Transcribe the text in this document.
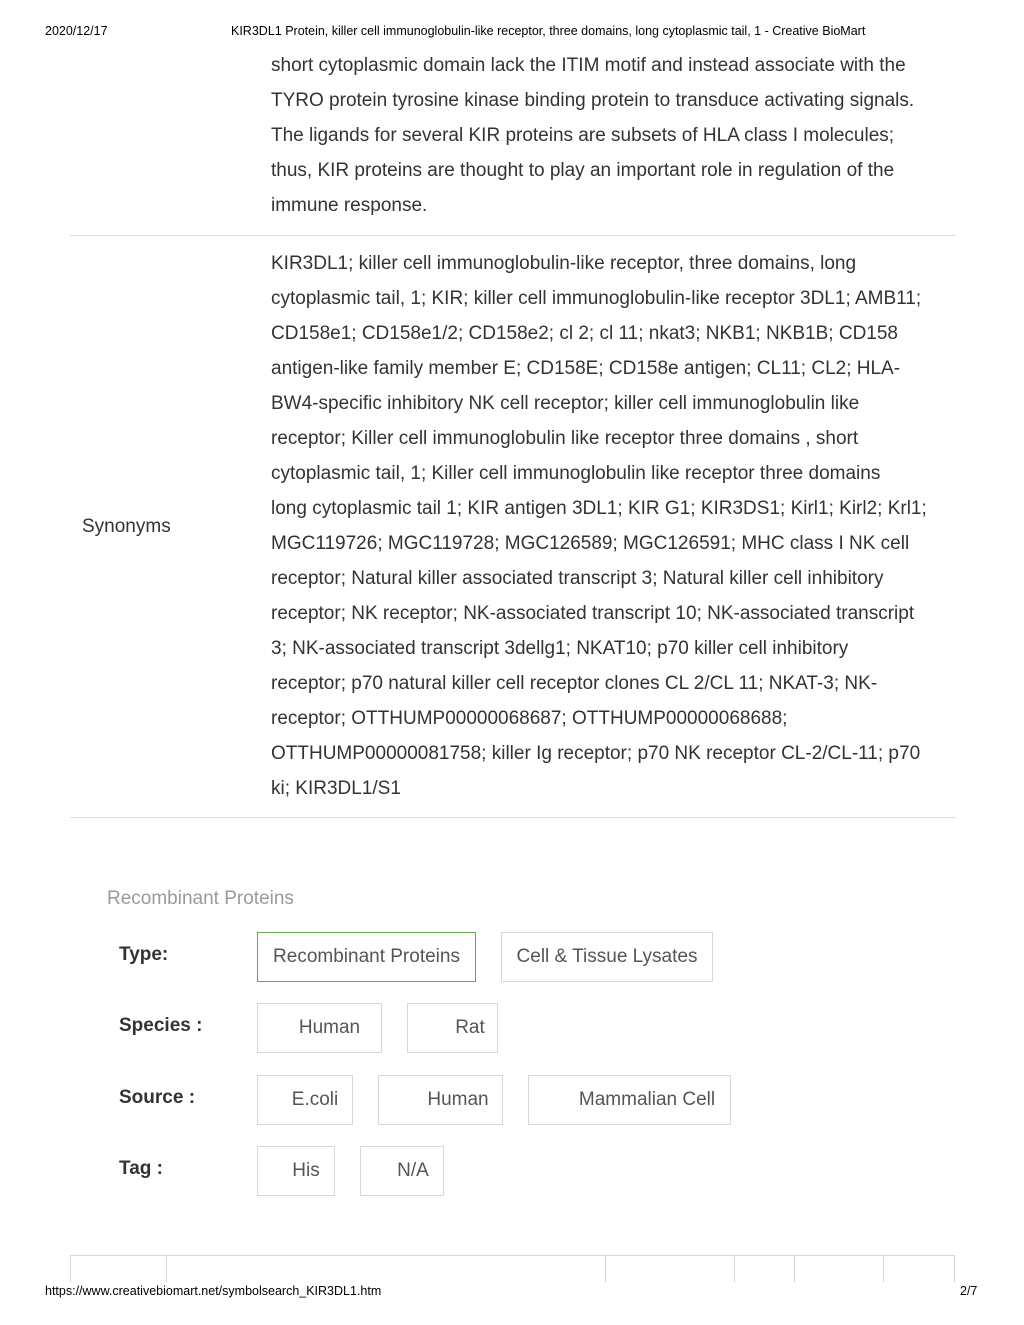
2020/12/17	KIR3DL1 Protein, killer cell immunoglobulin-like receptor, three domains, long cytoplasmic tail, 1 - Creative BioMart
short cytoplasmic domain lack the ITIM motif and instead associate with the
TYRO protein tyrosine kinase binding protein to transduce activating signals.
The ligands for several KIR proteins are subsets of HLA class I molecules;
thus, KIR proteins are thought to play an important role in regulation of the
immune response.
Synonyms
KIR3DL1; killer cell immunoglobulin-like receptor, three domains, long
cytoplasmic tail, 1; KIR; killer cell immunoglobulin-like receptor 3DL1; AMB11;
CD158e1; CD158e1/2; CD158e2; cl 2; cl 11; nkat3; NKB1; NKB1B; CD158
antigen-like family member E; CD158E; CD158e antigen; CL11; CL2; HLA-
BW4-specific inhibitory NK cell receptor; killer cell immunoglobulin like
receptor; Killer cell immunoglobulin like receptor three domains , short
cytoplasmic tail, 1; Killer cell immunoglobulin like receptor three domains
long cytoplasmic tail 1; KIR antigen 3DL1; KIR G1; KIR3DS1; Kirl1; Kirl2; Krl1;
MGC119726; MGC119728; MGC126589; MGC126591; MHC class I NK cell
receptor; Natural killer associated transcript 3; Natural killer cell inhibitory
receptor; NK receptor; NK-associated transcript 10; NK-associated transcript
3; NK-associated transcript 3dellg1; NKAT10; p70 killer cell inhibitory
receptor; p70 natural killer cell receptor clones CL 2/CL 11; NKAT-3; NK-
receptor; OTTHUMP00000068687; OTTHUMP00000068688;
OTTHUMP00000081758; killer Ig receptor; p70 NK receptor CL-2/CL-11; p70
ki; KIR3DL1/S1
Recombinant Proteins
Type:	Recombinant Proteins	Cell & Tissue Lysates
Species :	Human	Rat
Source :	E.coli	Human	Mammalian Cell
Tag :	His	N/A
https://www.creativebiomart.net/symbolsearch_KIR3DL1.htm	2/7
